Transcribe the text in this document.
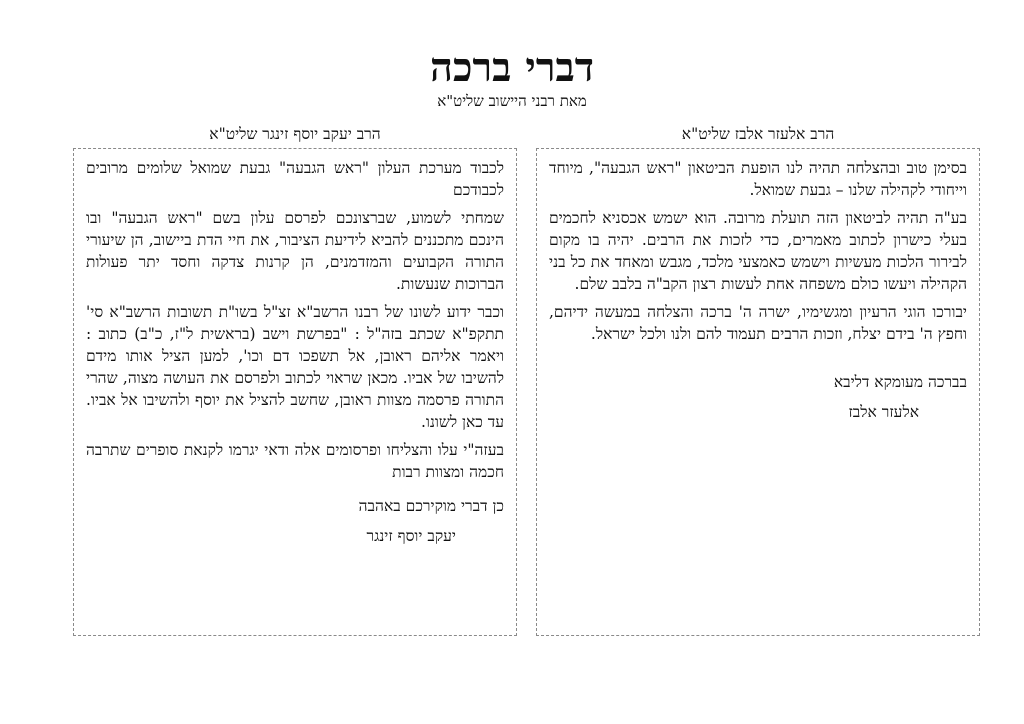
דברי ברכה
מאת רבני היישוב שליט"א
הרב אלעזר אלבז שליט"א

בסימן טוב ובהצלחה תהיה לנו הופעת הביטאון "ראש הגבעה", מיוחד וייחודי לקהילה שלנו – גבעת שמואל.

בע"ה תהיה לביטאון הזה תועלת מרובה. הוא ישמש אכסניא לחכמים בעלי כישרון לכתוב מאמרים, כדי לזכות את הרבים. יהיה בו מקום לבירור הלכות מעשיות וישמש כאמצעי מלכד, מגבש ומאחד את כל בני הקהילה ויעשו כולם משפחה אחת לעשות רצון הקב"ה בלבב שלם.

יבורכו הוגי הרעיון ומגשימיו, ישרה ה' ברכה והצלחה במעשה ידיהם, וחפץ ה' בידם יצלח, וזכות הרבים תעמוד להם ולנו ולכל ישראל.

בברכה מעומקא דליבא
אלעזר אלבז
הרב יעקב יוסף זינגר שליט"א

לכבוד מערכת העלון "ראש הגבעה" גבעת שמואל שלומים מרובים לכבודכם

שמחתי לשמוע, שברצונכם לפרסם עלון בשם "ראש הגבעה" ובו הינכם מתכננים להביא לידיעת הציבור, את חיי הדת ביישוב, הן שיעורי התורה הקבועים והמזדמנים, הן קרנות צדקה וחסד יתר פעולות הברוכות שנעשות.

וכבר ידוע לשונו של רבנו הרשב"א זצ"ל בשו"ת תשובות הרשב"א סי' תתקפ"א שכתב בזה"ל : "בפרשת וישב (בראשית ל"ז, כ"ב) כתוב : ויאמר אליהם ראובן, אל תשפכו דם וכו', למען הציל אותו מידם להשיבו של אביו. מכאן שראוי לכתוב ולפרסם את העושה מצוה, שהרי התורה פרסמה מצוות ראובן, שחשב להציל את יוסף ולהשיבו אל אביו. עד כאן לשונו.

בעזה"י עלו והצליחו ופרסומים אלה ודאי יגרמו לקנאת סופרים שתרבה חכמה ומצוות רבות

כן דברי מוקירכם באהבה
יעקב יוסף זינגר
